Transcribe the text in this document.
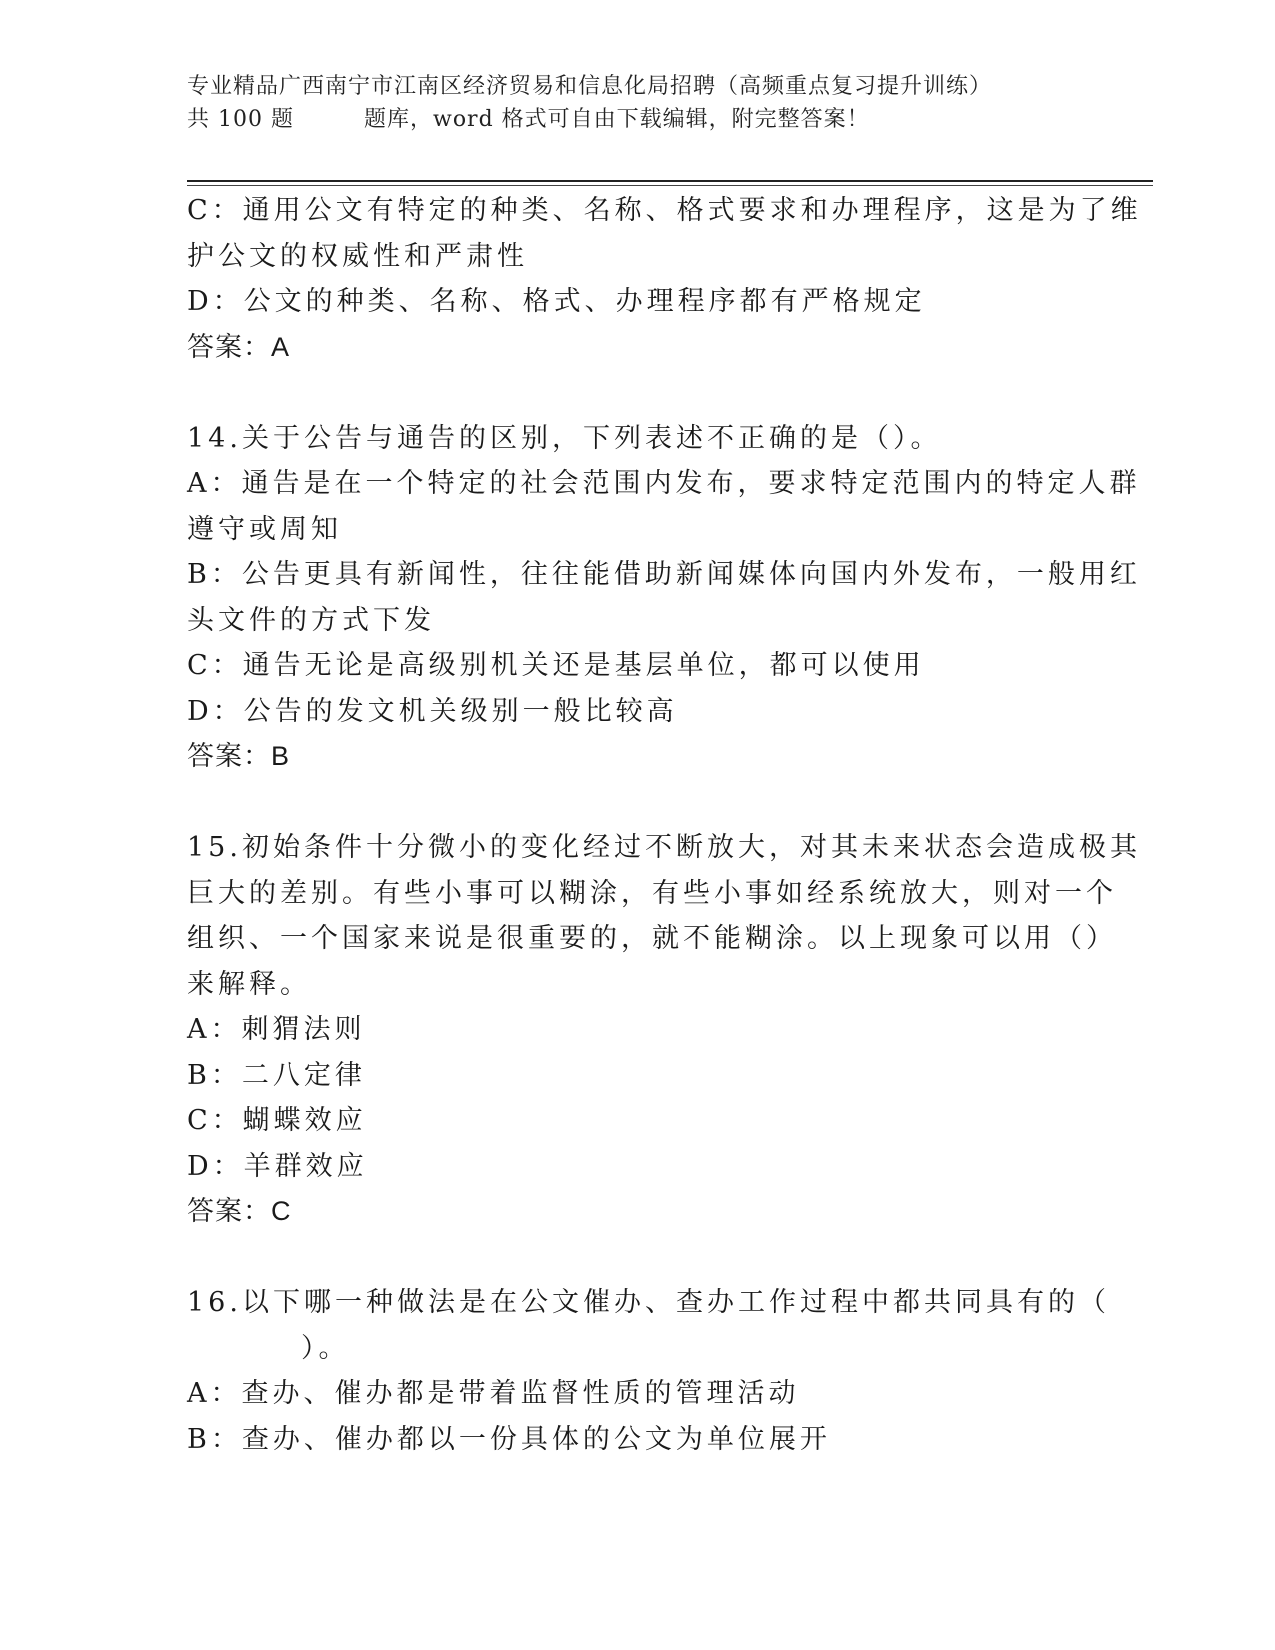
专业精品广西南宁市江南区经济贸易和信息化局招聘（高频重点复习提升训练）
共 100 题	题库，word 格式可自由下载编辑，附完整答案！
C：通用公文有特定的种类、名称、格式要求和办理程序，这是为了维
护公文的权威性和严肃性
D：公文的种类、名称、格式、办理程序都有严格规定
答案：A
14.关于公告与通告的区别，下列表述不正确的是（）。
A：通告是在一个特定的社会范围内发布，要求特定范围内的特定人群
遵守或周知
B：公告更具有新闻性，往往能借助新闻媒体向国内外发布，一般用红
头文件的方式下发
C：通告无论是高级别机关还是基层单位，都可以使用
D：公告的发文机关级别一般比较高
答案：B
15.初始条件十分微小的变化经过不断放大，对其未来状态会造成极其
巨大的差别。有些小事可以糊涂，有些小事如经系统放大，则对一个
组织、一个国家来说是很重要的，就不能糊涂。以上现象可以用（）
来解释。
A：刺猬法则
B：二八定律
C：蝴蝶效应
D：羊群效应
答案：C
16.以下哪一种做法是在公文催办、查办工作过程中都共同具有的（
）。
A：查办、催办都是带着监督性质的管理活动
B：查办、催办都以一份具体的公文为单位展开
